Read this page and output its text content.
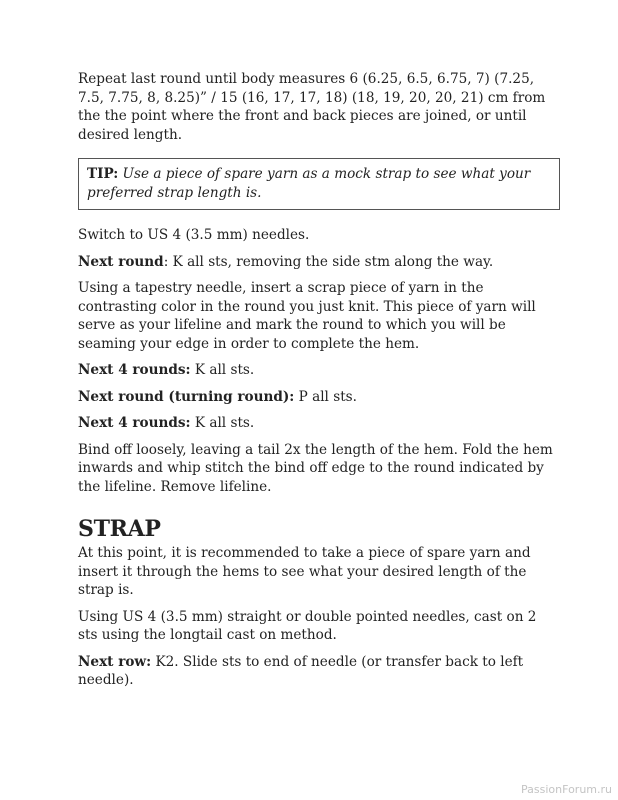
Repeat last round until body measures 6 (6.25, 6.5, 6.75, 7) (7.25, 7.5, 7.75, 8, 8.25)” / 15 (16, 17, 17, 18) (18, 19, 20, 20, 21) cm from the the point where the front and back pieces are joined, or until desired length.

TIP: Use a piece of spare yarn as a mock strap to see what your preferred strap length is.

Switch to US 4 (3.5 mm) needles.

Next round: K all sts, removing the side stm along the way.

Using a tapestry needle, insert a scrap piece of yarn in the contrasting color in the round you just knit. This piece of yarn will serve as your lifeline and mark the round to which you will be seaming your edge in order to complete the hem.

Next 4 rounds: K all sts.

Next round (turning round): P all sts.

Next 4 rounds: K all sts.

Bind off loosely, leaving a tail 2x the length of the hem. Fold the hem inwards and whip stitch the bind off edge to the round indicated by the lifeline. Remove lifeline.

STRAP

At this point, it is recommended to take a piece of spare yarn and insert it through the hems to see what your desired length of the strap is.

Using US 4 (3.5 mm) straight or double pointed needles, cast on 2 sts using the longtail cast on method.

Next row: K2. Slide sts to end of needle (or transfer back to left needle).

PassionForum.ru
